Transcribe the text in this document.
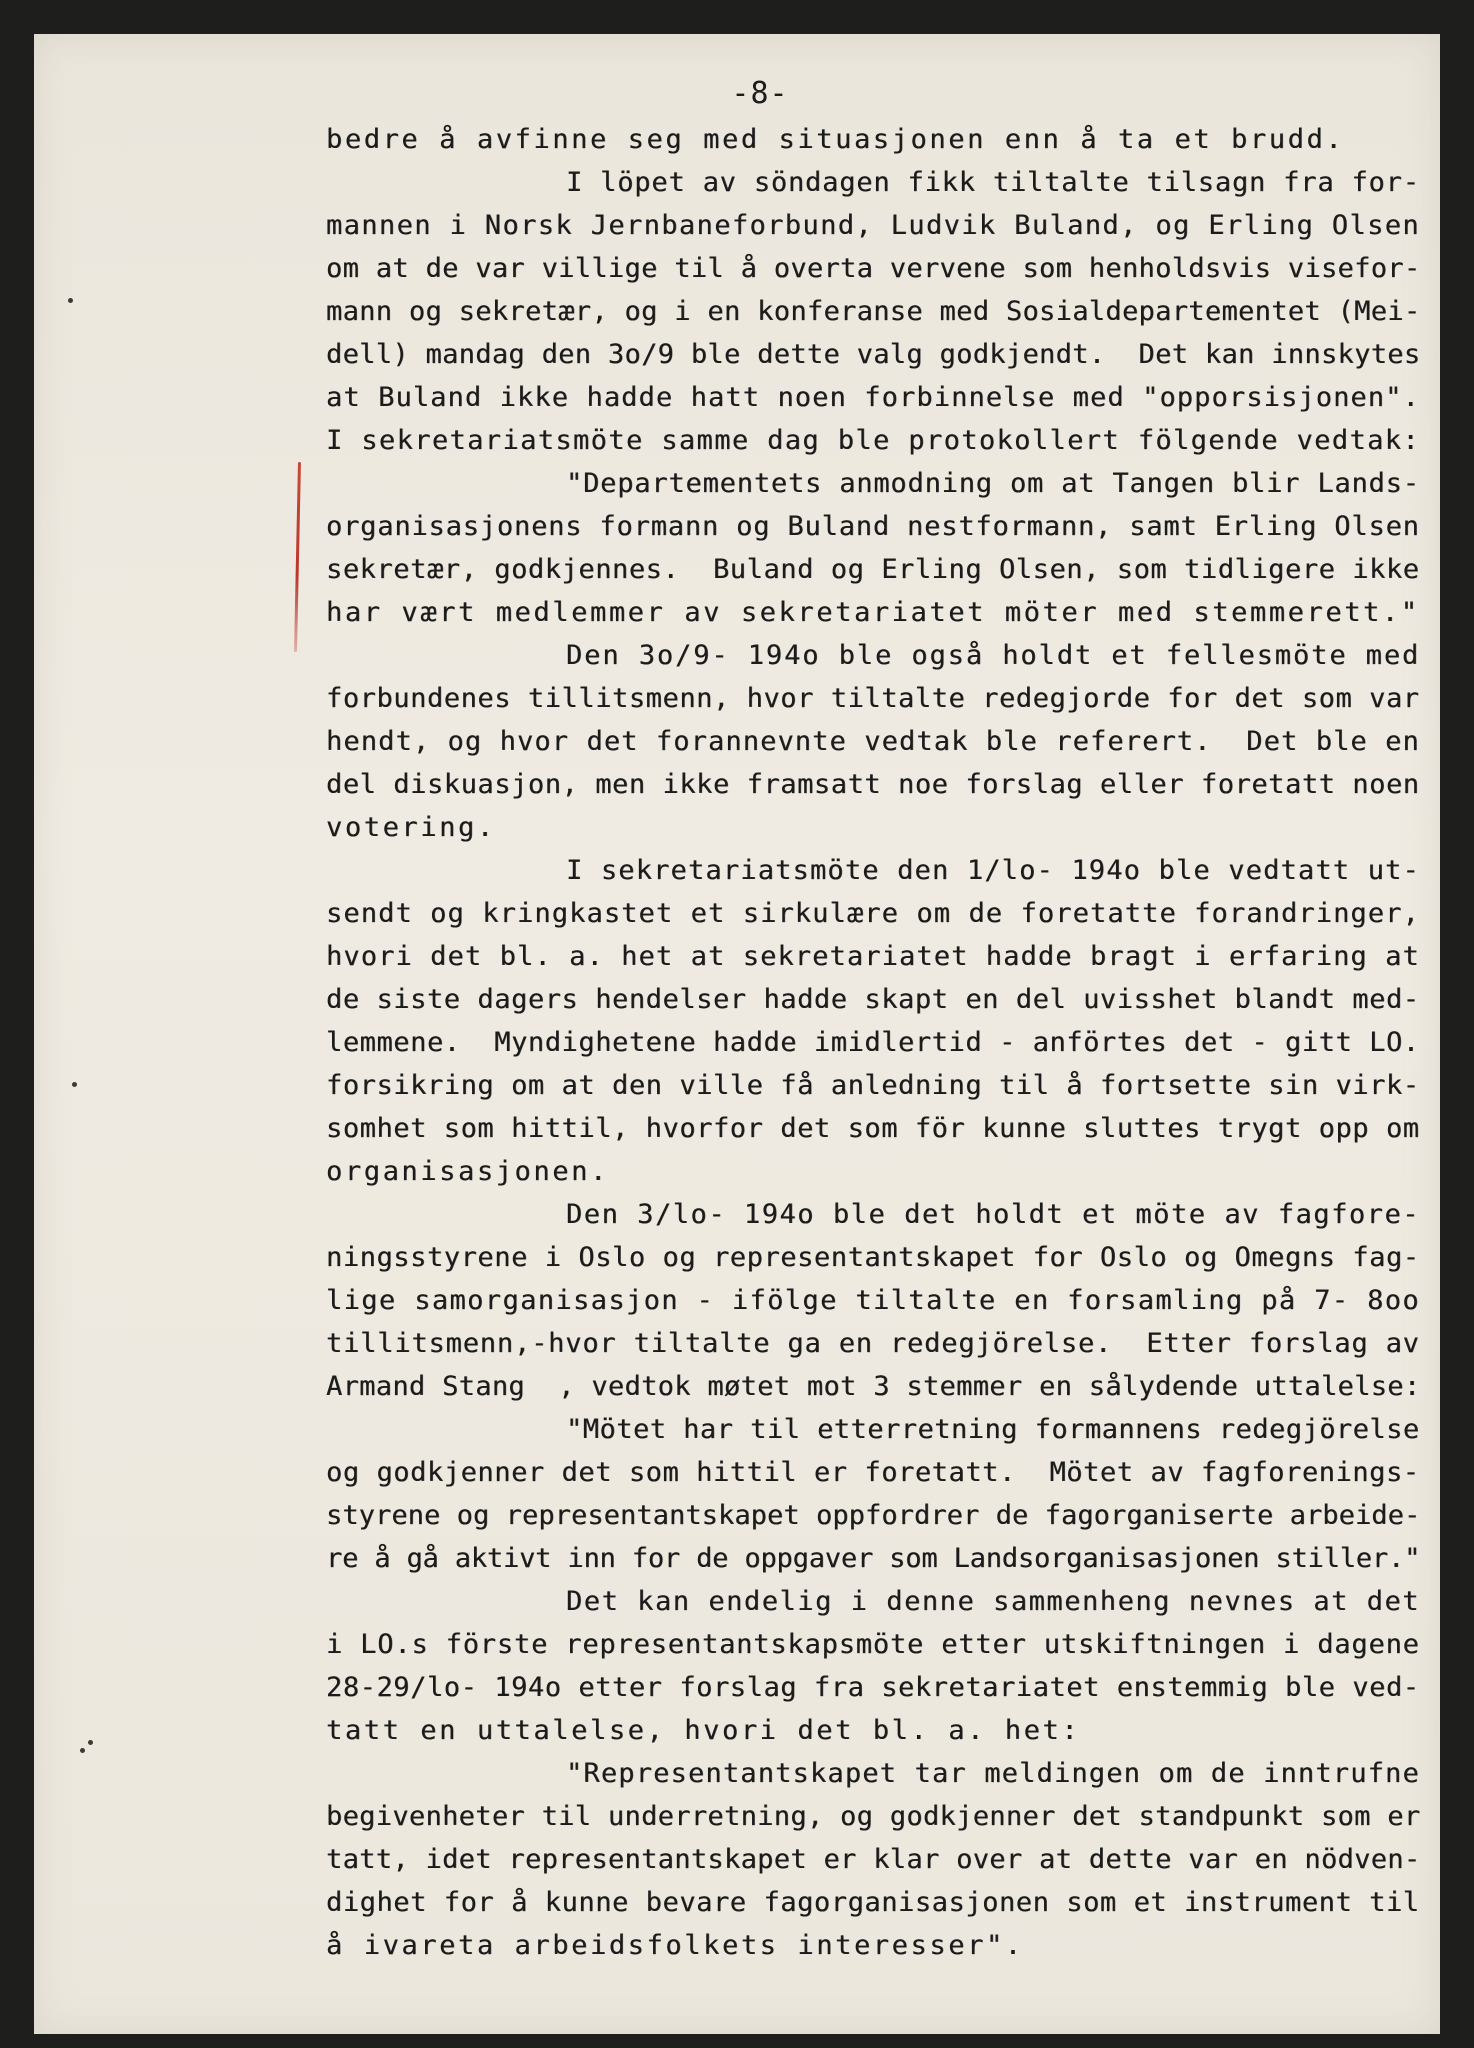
-8-
bedre å avfinne seg med situasjonen enn å ta et brudd.
I löpet av söndagen fikk tiltalte tilsagn fra for-
mannen i Norsk Jernbaneforbund, Ludvik Buland, og Erling Olsen
om at de var villige til å overta vervene som henholdsvis visefor-
mann og sekretær, og i en konferanse med Sosialdepartementet (Mei-
dell) mandag den 3o/9 ble dette valg godkjendt.  Det kan innskytes
at Buland ikke hadde hatt noen forbinnelse med "opporsisjonen".
I sekretariatsmöte samme dag ble protokollert fölgende vedtak:
"Departementets anmodning om at Tangen blir Lands-
organisasjonens formann og Buland nestformann, samt Erling Olsen
sekretær, godkjennes.  Buland og Erling Olsen, som tidligere ikke
har vært medlemmer av sekretariatet möter med stemmerett."
Den 3o/9- 194o ble også holdt et fellesmöte med
forbundenes tillitsmenn, hvor tiltalte redegjorde for det som var
hendt, og hvor det forannevnte vedtak ble referert.  Det ble en
del diskuasjon, men ikke framsatt noe forslag eller foretatt noen
votering.
I sekretariatsmöte den 1/lo- 194o ble vedtatt ut-
sendt og kringkastet et sirkulære om de foretatte forandringer,
hvori det bl. a. het at sekretariatet hadde bragt i erfaring at
de siste dagers hendelser hadde skapt en del uvisshet blandt med-
lemmene.  Myndighetene hadde imidlertid - anförtes det - gitt LO.
forsikring om at den ville få anledning til å fortsette sin virk-
somhet som hittil, hvorfor det som för kunne sluttes trygt opp om
organisasjonen.
Den 3/lo- 194o ble det holdt et möte av fagfore-
ningsstyrene i Oslo og representantskapet for Oslo og Omegns fag-
lige samorganisasjon - ifölge tiltalte en forsamling på 7- 8oo
tillitsmenn,-hvor tiltalte ga en redegjörelse.  Etter forslag av
Armand Stang  , vedtok møtet mot 3 stemmer en sålydende uttalelse:
"Mötet har til etterretning formannens redegjörelse
og godkjenner det som hittil er foretatt.  Mötet av fagforenings-
styrene og representantskapet oppfordrer de fagorganiserte arbeide-
re å gå aktivt inn for de oppgaver som Landsorganisasjonen stiller."
Det kan endelig i denne sammenheng nevnes at det
i LO.s förste representantskapsmöte etter utskiftningen i dagene
28-29/lo- 194o etter forslag fra sekretariatet enstemmig ble ved-
tatt en uttalelse, hvori det bl. a. het:
"Representantskapet tar meldingen om de inntrufne
begivenheter til underretning, og godkjenner det standpunkt som er
tatt, idet representantskapet er klar over at dette var en nödven-
dighet for å kunne bevare fagorganisasjonen som et instrument til
å ivareta arbeidsfolkets interesser".
